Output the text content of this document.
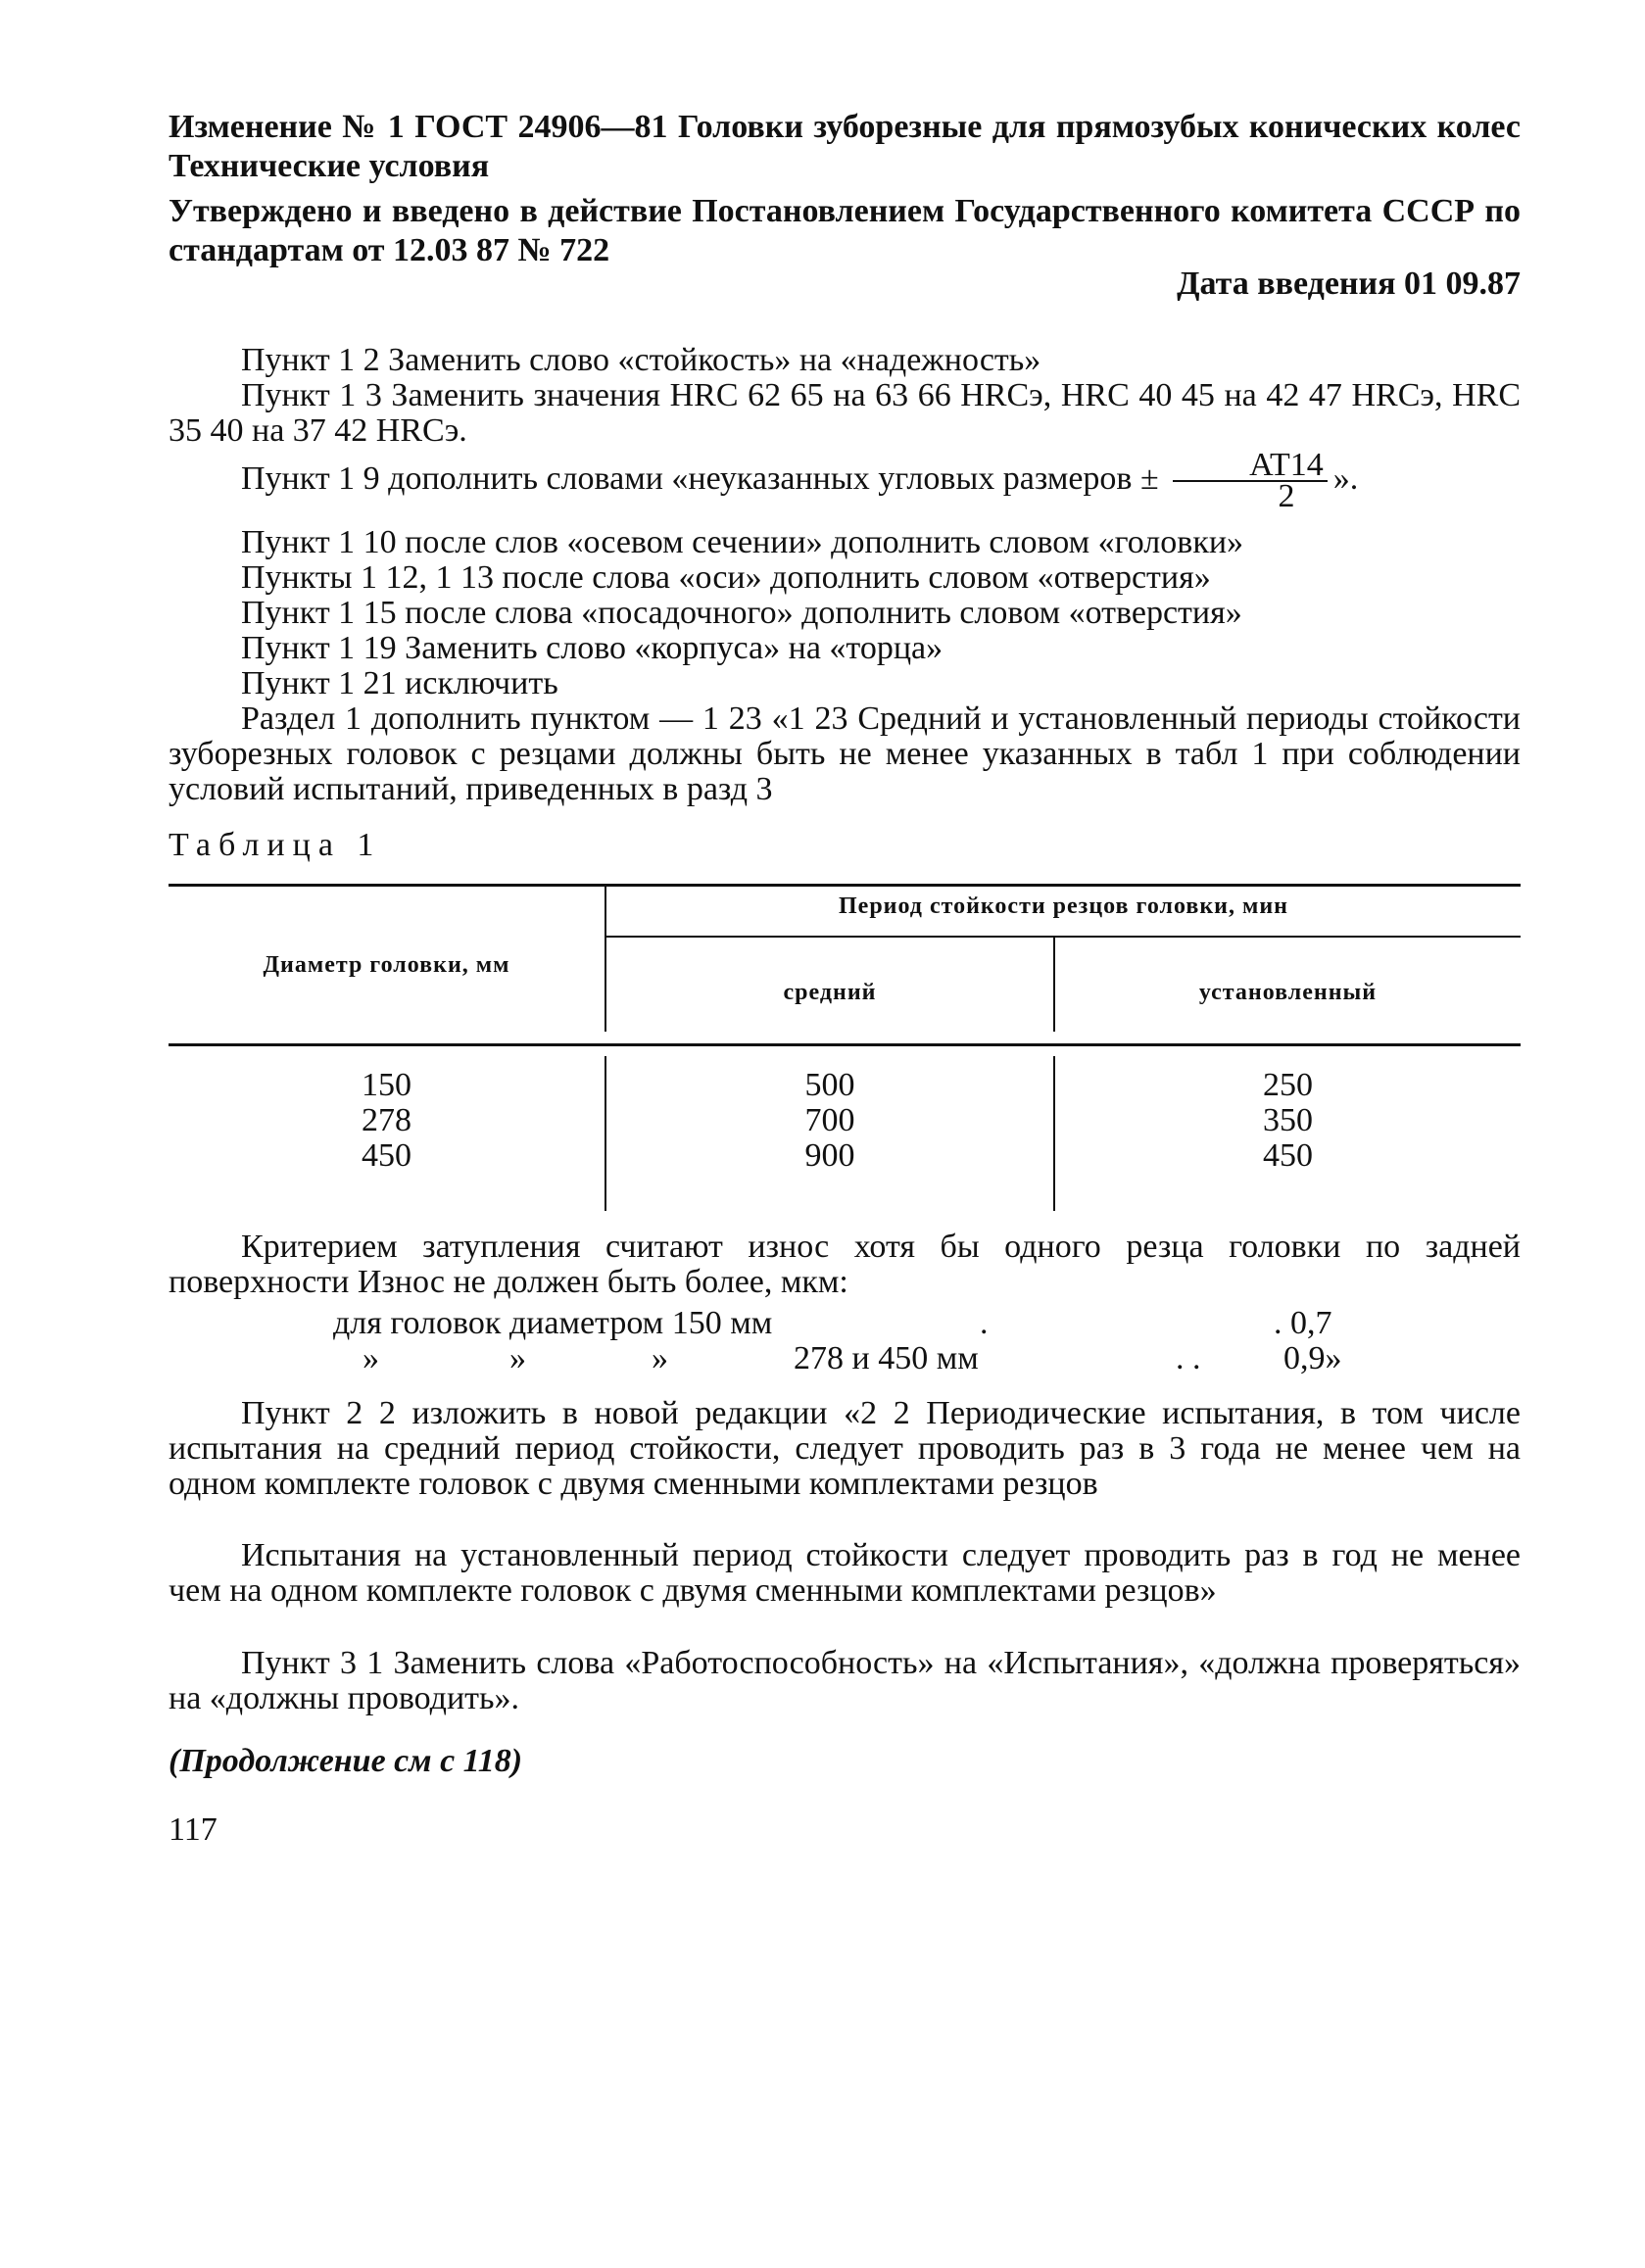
Изменение № 1 ГОСТ 24906—81 Головки зуборезные для прямозубых конических колес Технические условия
Утверждено и введено в действие Постановлением Государственного комитета СССР по стандартам от 12.03 87 № 722
Дата введения 01 09.87
Пункт 1 2 Заменить слово «стойкость» на «надежность»
Пункт 1 3 Заменить значения HRC 62 65 на 63 66 HRCэ, HRC 40 45 на 42 47 HRCэ, HRC 35 40 на 37 42 HRCэ.
Пункт 1 9 дополнить словами «неуказанных угловых размеров ± $\frac{AT14}{2}$ ».
Пункт 1 10 после слов «осевом сечении» дополнить словом «головки»
Пункты 1 12, 1 13 после слова «оси» дополнить словом «отверстия»
Пункт 1 15 после слова «посадочного» дополнить словом «отверстия»
Пункт 1 19 Заменить слово «корпуса» на «торца»
Пункт 1 21 исключить
Раздел 1 дополнить пунктом — 1 23 «1 23 Средний и установленный периоды стойкости зуборезных головок с резцами должны быть не менее указанных в табл 1 при соблюдении условий испытаний, приведенных в разд 3
Таблица 1
Диаметр головки, мм
Период стойкости резцов головки, мин
средний	установленный
150	500	250
278	700	350
450	900	450
Критерием затупления считают износ хотя бы одного резца головки по задней поверхности Износ не должен быть более, мкм:
для головок диаметром 150 мм	.	. 0,7
»	»	»	278 и 450 мм	. . 0,9»
Пункт 2 2 изложить в новой редакции «2 2 Периодические испытания, в том числе испытания на средний период стойкости, следует проводить раз в 3 года не менее чем на одном комплекте головок с двумя сменными комплектами резцов
Испытания на установленный период стойкости следует проводить раз в год не менее чем на одном комплекте головок с двумя сменными комплектами резцов»
Пункт 3 1 Заменить слова «Работоспособность» на «Испытания», «должна проверяться» на «должны проводить».
(Продолжение см с 118)
117
